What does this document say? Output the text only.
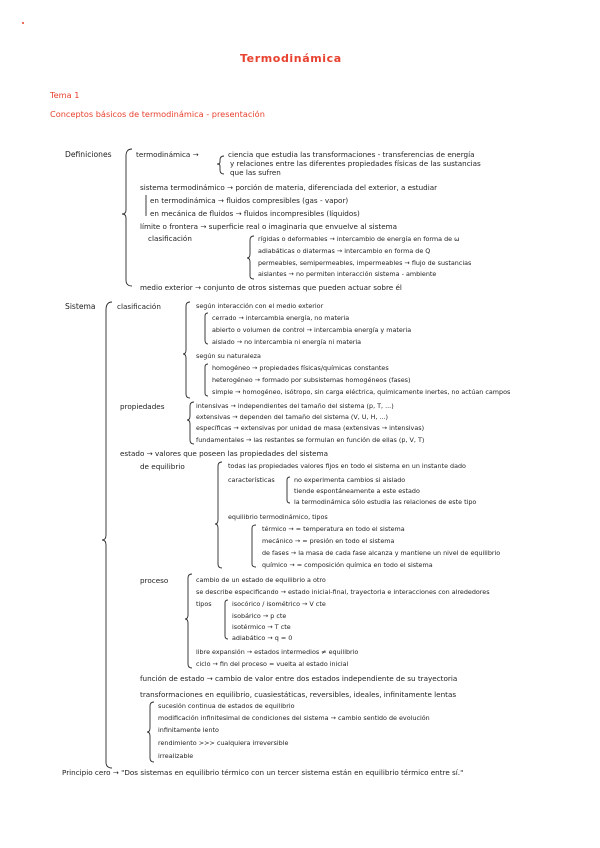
Termodinámica
Tema 1
Conceptos básicos de termodinámica - presentación
Definiciones	termodinámica →	ciencia que estudia las transformaciones - transferencias de energía
y relaciones entre las diferentes propiedades físicas de las sustancias
que las sufren
sistema termodinámico → porción de materia, diferenciada del exterior, a estudiar
en termodinámica → fluidos compresibles (gas - vapor)
en mecánica de fluidos → fluidos incompresibles (líquidos)
límite o frontera → superficie real o imaginaria que envuelve al sistema
clasificación	rígidas o deformables → intercambio de energía en forma de ω
adiabáticas o diatermas → intercambio en forma de Q
permeables, semipermeables, impermeables → flujo de sustancias
aislantes → no permiten interacción sistema - ambiente
medio exterior → conjunto de otros sistemas que pueden actuar sobre él
Sistema	clasificación	según interacción con el medio exterior
cerrado → intercambia energía, no materia
abierto o volumen de control → intercambia energía y materia
aislado → no intercambia ni energía ni materia
según su naturaleza
homogéneo → propiedades físicas/químicas constantes
heterogéneo → formado por subsistemas homogéneos (fases)
simple → homogéneo, isótropo, sin carga eléctrica, químicamente inertes, no actúan campos
propiedades	intensivas → independientes del tamaño del sistema (p, T, ...)
extensivas → dependen del tamaño del sistema (V, U, H, ...)
específicas → extensivas por unidad de masa (extensivas → intensivas)
fundamentales → las restantes se formulan en función de ellas (p, V, T)
estado → valores que poseen las propiedades del sistema
de equilibrio	todas las propiedades valores fijos en todo el sistema en un instante dado
características	no experimenta cambios si aislado
tiende espontáneamente a este estado
la termodinámica sólo estudia las relaciones de este tipo
equilibrio termodinámico, tipos
térmico → = temperatura en todo el sistema
mecánico → = presión en todo el sistema
de fases → la masa de cada fase alcanza y mantiene un nivel de equilibrio
químico → = composición química en todo el sistema
proceso	cambio de un estado de equilibrio a otro
se describe especificando → estado inicial-final, trayectoria e interacciones con alrededores
tipos	isocórico / isométrico → V cte
isobárico → p cte
isotérmico → T cte
adiabático → q = 0
libre expansión → estados intermedios ≠ equilibrio
ciclo → fin del proceso = vuelta al estado inicial
función de estado → cambio de valor entre dos estados independiente de su trayectoria
transformaciones en equilibrio, cuasiestáticas, reversibles, ideales, infinitamente lentas
sucesión continua de estados de equilibrio
modificación infinitesimal de condiciones del sistema → cambio sentido de evolución
infinitamente lento
rendimiento >>> cualquiera irreversible
irrealizable
Principio cero → "Dos sistemas en equilibrio térmico con un tercer sistema están en equilibrio térmico entre sí."
